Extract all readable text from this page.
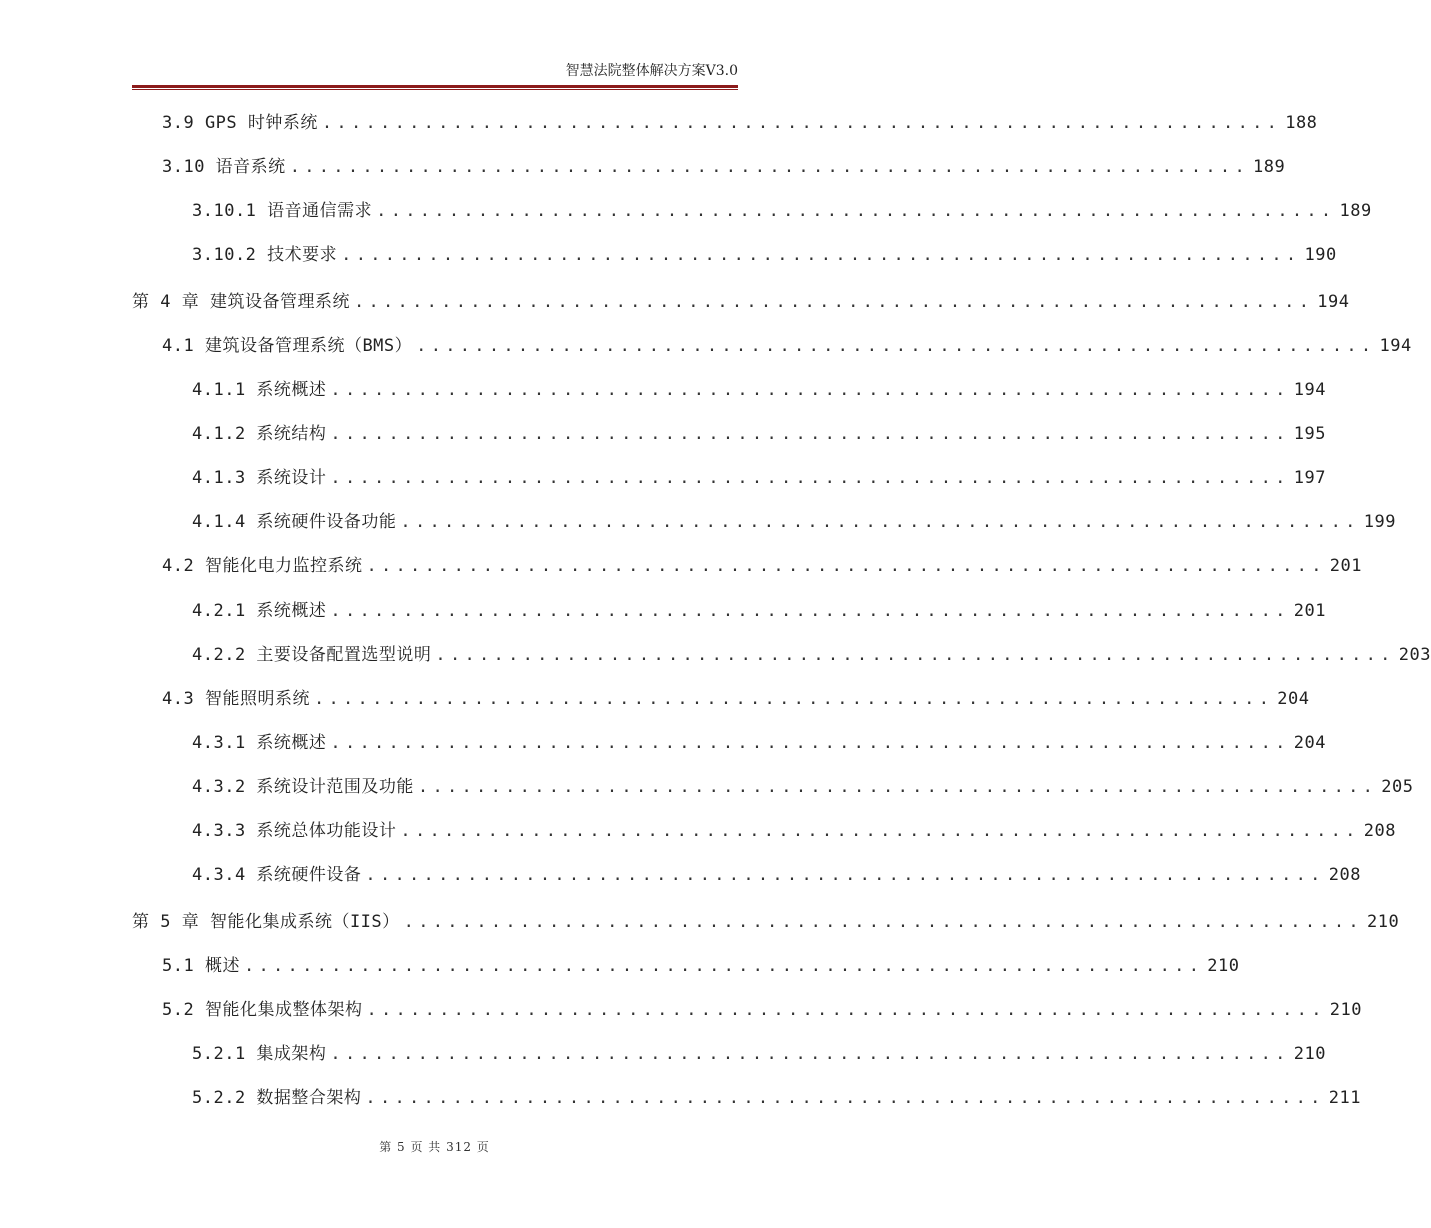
智慧法院整体解决方案V3.0
3.9 GPS 时钟系统 .................................................................. 188
3.10 语音系统 .................................................................. 189
3.10.1 语音通信需求 .................................................................. 189
3.10.2 技术要求 .................................................................. 190
第 4 章 建筑设备管理系统 .................................................................. 194
4.1 建筑设备管理系统（BMS） .................................................................. 194
4.1.1 系统概述 .................................................................. 194
4.1.2 系统结构 .................................................................. 195
4.1.3 系统设计 .................................................................. 197
4.1.4 系统硬件设备功能 .................................................................. 199
4.2 智能化电力监控系统 .................................................................. 201
4.2.1 系统概述 .................................................................. 201
4.2.2 主要设备配置选型说明 .................................................................. 203
4.3 智能照明系统 .................................................................. 204
4.3.1 系统概述 .................................................................. 204
4.3.2 系统设计范围及功能 .................................................................. 205
4.3.3 系统总体功能设计 .................................................................. 208
4.3.4 系统硬件设备 .................................................................. 208
第 5 章 智能化集成系统（IIS） .................................................................. 210
5.1 概述 .................................................................. 210
5.2 智能化集成整体架构 .................................................................. 210
5.2.1 集成架构 .................................................................. 210
5.2.2 数据整合架构 .................................................................. 211
第 5 页 共 312 页
